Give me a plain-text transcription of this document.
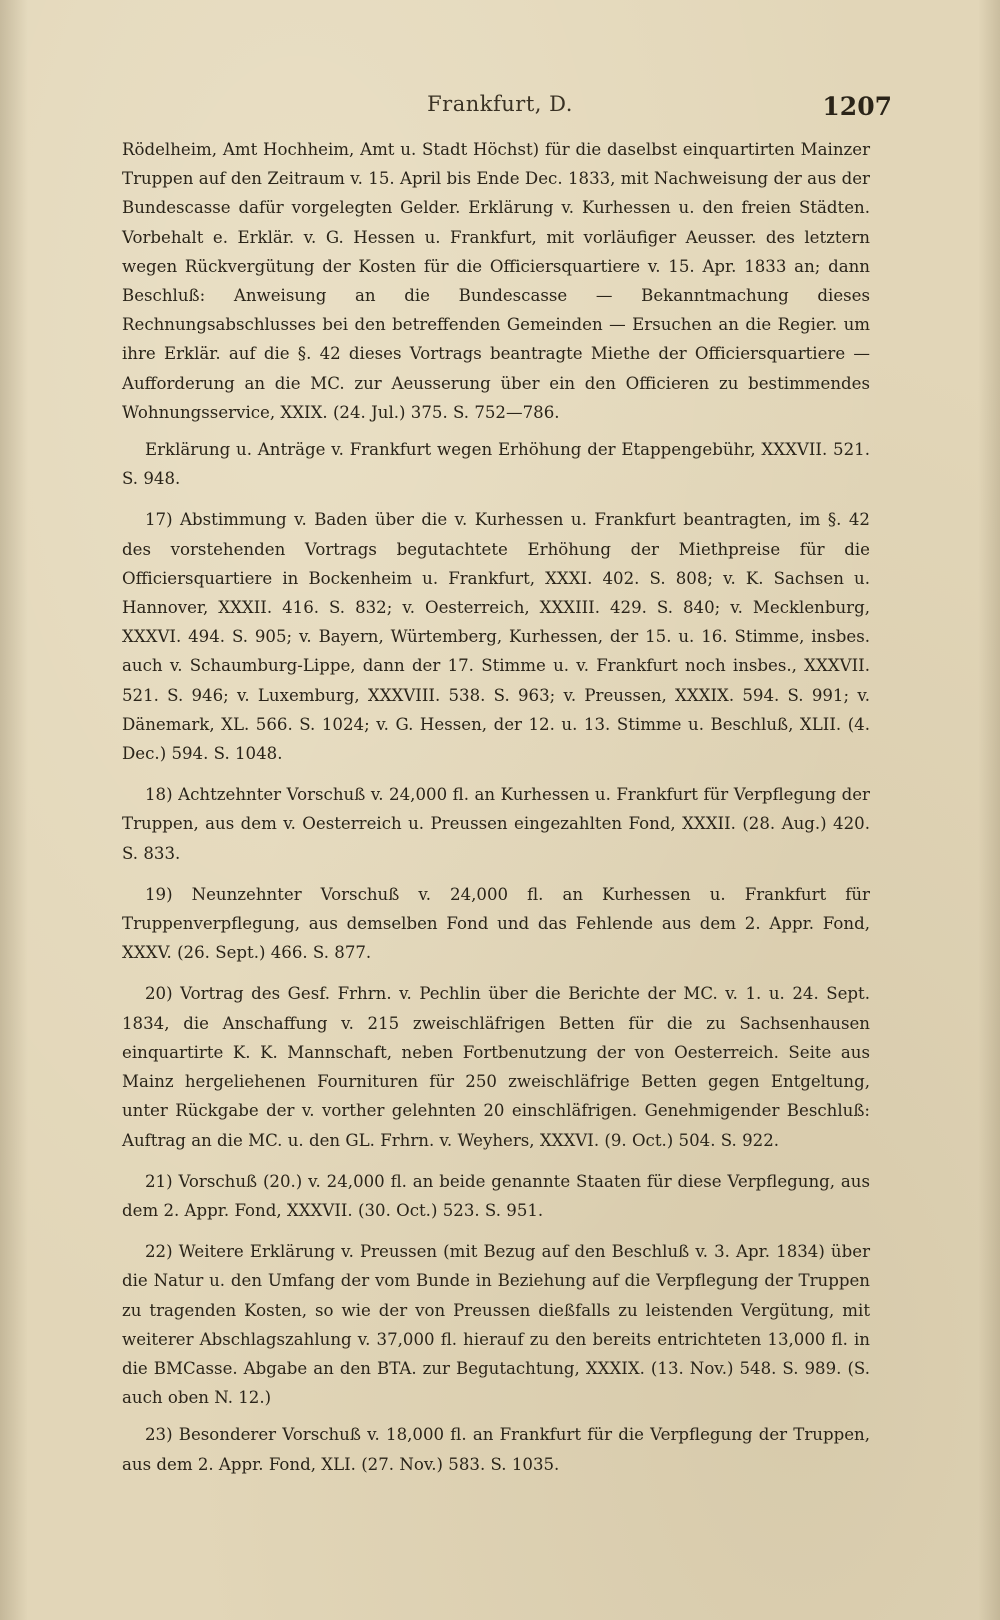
Frankfurt, D.	1207

Rödelheim, Amt Hochheim, Amt u. Stadt Höchst) für die daselbst einquartirten Mainzer Truppen auf den Zeitraum v. 15. April bis Ende Dec. 1833, mit Nachweisung der aus der Bundescasse dafür vorgelegten Gelder. Erklärung v. Kurhessen u. den freien Städten. Vorbehalt e. Erklär. v. G. Hessen u. Frankfurt, mit vorläufiger Aeusser. des letztern wegen Rückvergütung der Kosten für die Officiersquartiere v. 15. Apr. 1833 an; dann Beschluß: Anweisung an die Bundescasse — Bekanntmachung dieses Rechnungsabschlusses bei den betreffenden Gemeinden — Ersuchen an die Regier. um ihre Erklär. auf die §. 42 dieses Vortrags beantragte Miethe der Officiersquartiere — Aufforderung an die MC. zur Aeusserung über ein den Officieren zu bestimmendes Wohnungsservice, XXIX. (24. Jul.) 375. S. 752—786.

Erklärung u. Anträge v. Frankfurt wegen Erhöhung der Etappengebühr, XXXVII. 521. S. 948.

17) Abstimmung v. Baden über die v. Kurhessen u. Frankfurt beantragten, im §. 42 des vorstehenden Vortrags begutachtete Erhöhung der Miethpreise für die Officiersquartiere in Bockenheim u. Frankfurt, XXXI. 402. S. 808; v. K. Sachsen u. Hannover, XXXII. 416. S. 832; v. Oesterreich, XXXIII. 429. S. 840; v. Mecklenburg, XXXVI. 494. S. 905; v. Bayern, Würtemberg, Kurhessen, der 15. u. 16. Stimme, insbes. auch v. Schaumburg-Lippe, dann der 17. Stimme u. v. Frankfurt noch insbes., XXXVII. 521. S. 946; v. Luxemburg, XXXVIII. 538. S. 963; v. Preussen, XXXIX. 594. S. 991; v. Dänemark, XL. 566. S. 1024; v. G. Hessen, der 12. u. 13. Stimme u. Beschluß, XLII. (4. Dec.) 594. S. 1048.

18) Achtzehnter Vorschuß v. 24,000 fl. an Kurhessen u. Frankfurt für Verpflegung der Truppen, aus dem v. Oesterreich u. Preussen eingezahlten Fond, XXXII. (28. Aug.) 420. S. 833.

19) Neunzehnter Vorschuß v. 24,000 fl. an Kurhessen u. Frankfurt für Truppenverpflegung, aus demselben Fond und das Fehlende aus dem 2. Appr. Fond, XXXV. (26. Sept.) 466. S. 877.

20) Vortrag des Gesf. Frhrn. v. Pechlin über die Berichte der MC. v. 1. u. 24. Sept. 1834, die Anschaffung v. 215 zweischläfrigen Betten für die zu Sachsenhausen einquartirte K. K. Mannschaft, neben Fortbenutzung der von Oesterreich. Seite aus Mainz hergeliehenen Fournituren für 250 zweischläfrige Betten gegen Entgeltung, unter Rückgabe der v. vorther gelehnten 20 einschläfrigen. Genehmigender Beschluß: Auftrag an die MC. u. den GL. Frhrn. v. Weyhers, XXXVI. (9. Oct.) 504. S. 922.

21) Vorschuß (20.) v. 24,000 fl. an beide genannte Staaten für diese Verpflegung, aus dem 2. Appr. Fond, XXXVII. (30. Oct.) 523. S. 951.

22) Weitere Erklärung v. Preussen (mit Bezug auf den Beschluß v. 3. Apr. 1834) über die Natur u. den Umfang der vom Bunde in Beziehung auf die Verpflegung der Truppen zu tragenden Kosten, so wie der von Preussen dießfalls zu leistenden Vergütung, mit weiterer Abschlagszahlung v. 37,000 fl. hierauf zu den bereits entrichteten 13,000 fl. in die BMCasse. Abgabe an den BTA. zur Begutachtung, XXXIX. (13. Nov.) 548. S. 989. (S. auch oben N. 12.)

23) Besonderer Vorschuß v. 18,000 fl. an Frankfurt für die Verpflegung der Truppen, aus dem 2. Appr. Fond, XLI. (27. Nov.) 583. S. 1035.
